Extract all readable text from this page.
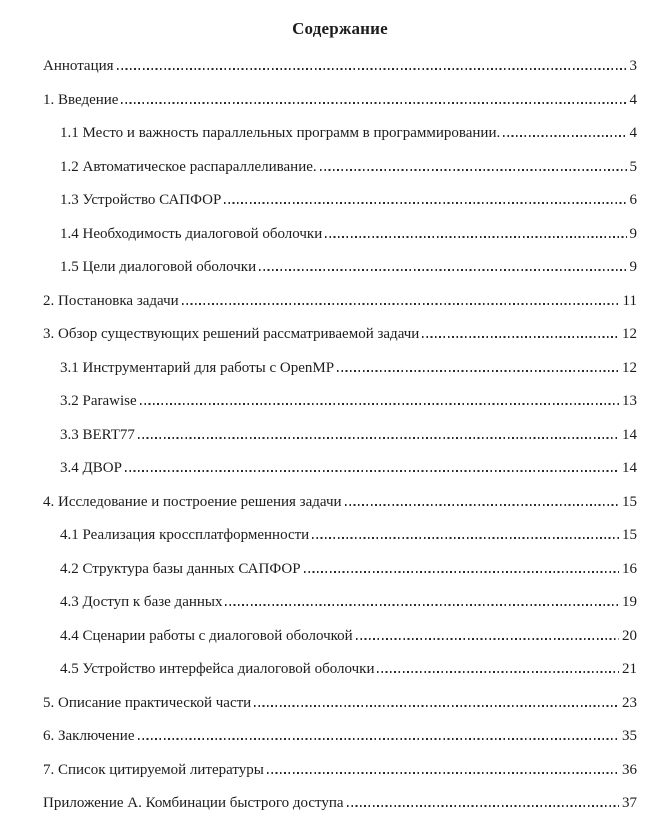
Содержание
Аннотация	3
1. Введение	4
1.1 Место и важность параллельных программ в программировании.	4
1.2 Автоматическое распараллеливание.	5
1.3 Устройство САПФОР	6
1.4 Необходимость диалоговой оболочки	9
1.5 Цели диалоговой оболочки	9
2. Постановка задачи	11
3. Обзор существующих решений рассматриваемой задачи	12
3.1 Инструментарий для работы с OpenMP	12
3.2 Parawise	13
3.3 BERT77	14
3.4 ДВОР	14
4. Исследование и построение решения задачи	15
4.1 Реализация кроссплатформенности	15
4.2 Структура базы данных САПФОР	16
4.3 Доступ к базе данных	19
4.4 Сценарии работы с диалоговой оболочкой	20
4.5 Устройство интерфейса диалоговой оболочки	21
5. Описание практической части	23
6. Заключение	35
7. Список цитируемой литературы	36
Приложение А. Комбинации быстрого доступа	37
